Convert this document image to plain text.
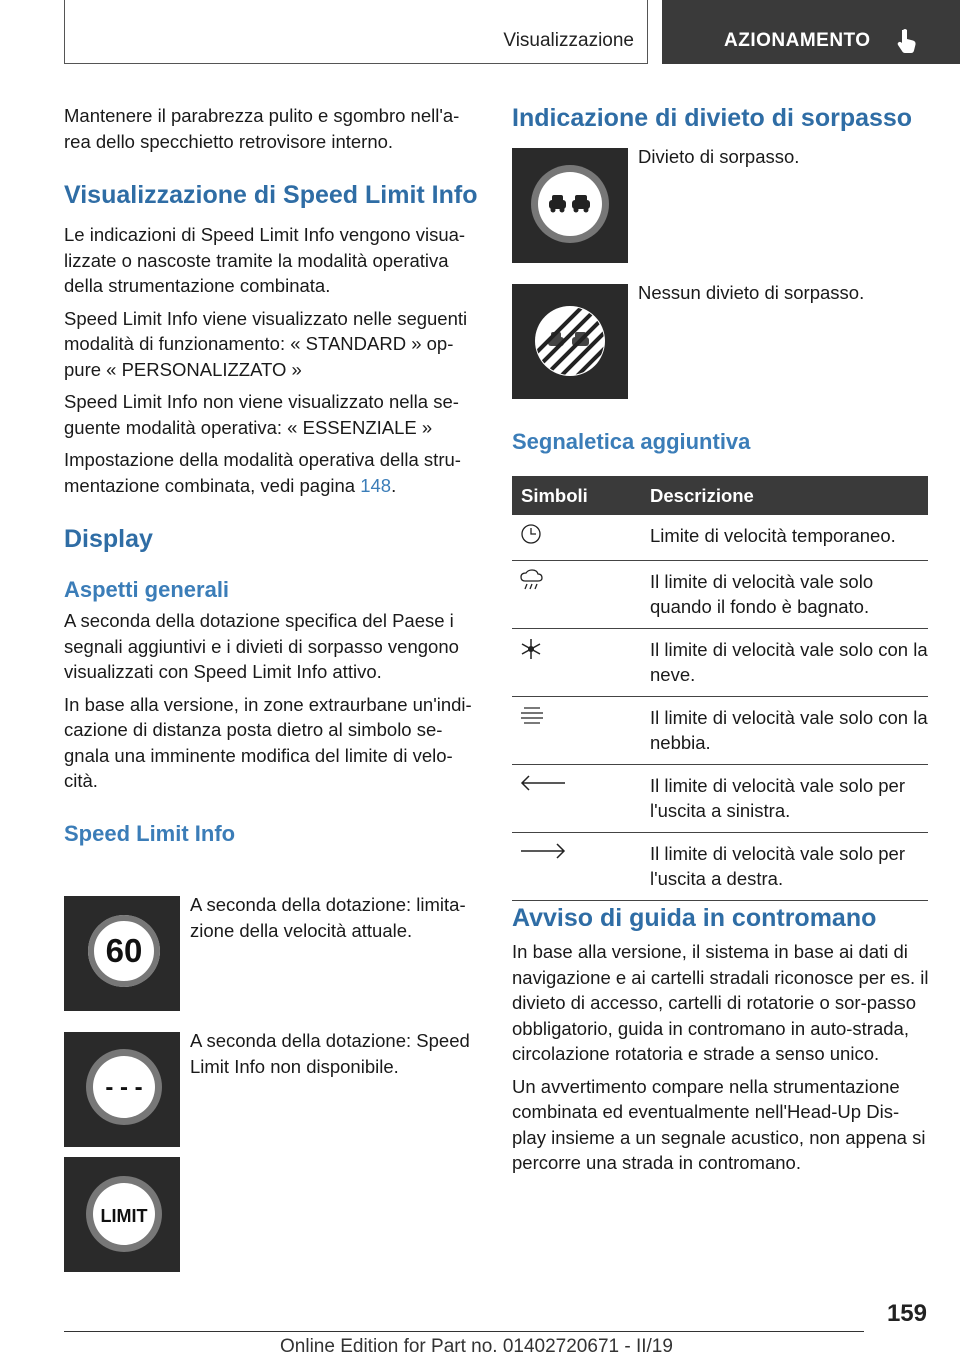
Visualizzazione	AZIONAMENTO

Mantenere il parabrezza pulito e sgombro nell'a-rea dello specchietto retrovisore interno.

Visualizzazione di Speed Limit Info

Le indicazioni di Speed Limit Info vengono visua-lizzate o nascoste tramite la modalità operativa della strumentazione combinata.

Speed Limit Info viene visualizzato nelle seguenti modalità di funzionamento: « STANDARD » op-pure « PERSONALIZZATO »

Speed Limit Info non viene visualizzato nella se-guente modalità operativa: « ESSENZIALE »

Impostazione della modalità operativa della stru-mentazione combinata, vedi pagina 148.

Display
Aspetti generali

A seconda della dotazione specifica del Paese i segnali aggiuntivi e i divieti di sorpasso vengono visualizzati con Speed Limit Info attivo.

In base alla versione, in zone extraurbane un'indi-cazione di distanza posta dietro al simbolo se-gnala una imminente modifica del limite di velo-cità.

Speed Limit Info
60
A seconda della dotazione: limita-zione della velocità attuale.
- - -
A seconda della dotazione: Speed Limit Info non disponibile.
LIMIT
Indicazione di divieto di sorpasso
Divieto di sorpasso.
Nessun divieto di sorpasso.
Segnaletica aggiuntiva
Simboli	Descrizione
	Limite di velocità temporaneo.
	Il limite di velocità vale solo quando il fondo è bagnato.
	Il limite di velocità vale solo con la neve.
	Il limite di velocità vale solo con la nebbia.
	Il limite di velocità vale solo per l'uscita a sinistra.
	Il limite di velocità vale solo per l'uscita a destra.
Avviso di guida in contromano

In base alla versione, il sistema in base ai dati di navigazione e ai cartelli stradali riconosce per es. il divieto di accesso, cartelli di rotatorie o sor-passo obbligatorio, guida in contromano in auto-strada, circolazione rotatoria e strade a senso unico.

Un avvertimento compare nella strumentazione combinata ed eventualmente nell'Head-Up Dis-play insieme a un segnale acustico, non appena si percorre una strada in contromano.

159
Online Edition for Part no. 01402720671 - II/19
